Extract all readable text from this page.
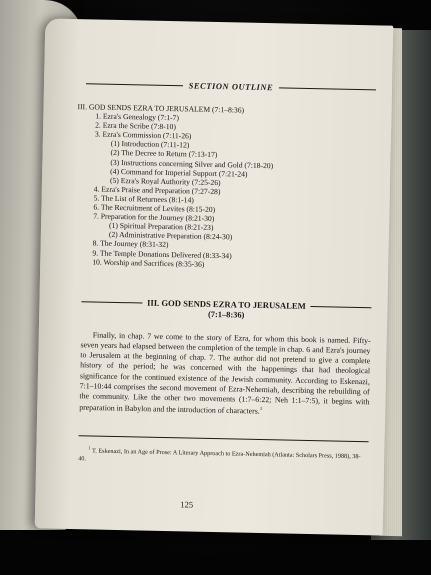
SECTION OUTLINE
III. GOD SENDS EZRA TO JERUSALEM (7:1–8:36)
1. Ezra's Genealogy (7:1-7)
2. Ezra the Scribe (7:8-10)
3. Ezra's Commission (7:11-26)
(1) Introduction (7:11-12)
(2) The Decree to Return (7:13-17)
(3) Instructions concerning Silver and Gold (7:18-20)
(4) Command for Imperial Support (7:21-24)
(5) Ezra's Royal Authority (7:25-26)
4. Ezra's Praise and Preparation (7:27-28)
5. The List of Returnees (8:1-14)
6. The Recruitment of Levites (8:15-20)
7. Preparation for the Journey (8:21-30)
(1) Spiritual Preparation (8:21-23)
(2) Administrative Preparation (8:24-30)
8. The Journey (8:31-32)
9. The Temple Donations Delivered (8:33-34)
10. Worship and Sacrifices (8:35-36)
III. GOD SENDS EZRA TO JERUSALEM
(7:1–8:36)

Finally, in chap. 7 we come to the story of Ezra, for whom this book is named. Fifty-seven years had elapsed between the completion of the temple in chap. 6 and Ezra's journey to Jerusalem at the beginning of chap. 7. The author did not pretend to give a complete history of the period; he was concerned with the happenings that had theological significance for the continued existence of the Jewish community. According to Eskenazi, 7:1–10:44 comprises the second movement of Ezra-Nehemiah, describing the rebuilding of the community. Like the other two movements (1:7–6:22; Neh 1:1–7:5), it begins with preparation in Babylon and the introduction of characters.$^1$

$^1$ T. Eskenazi, In an Age of Prose: A Literary Approach to Ezra-Nehemiah (Atlanta: Scholars Press, 1988), 38-40.
125
